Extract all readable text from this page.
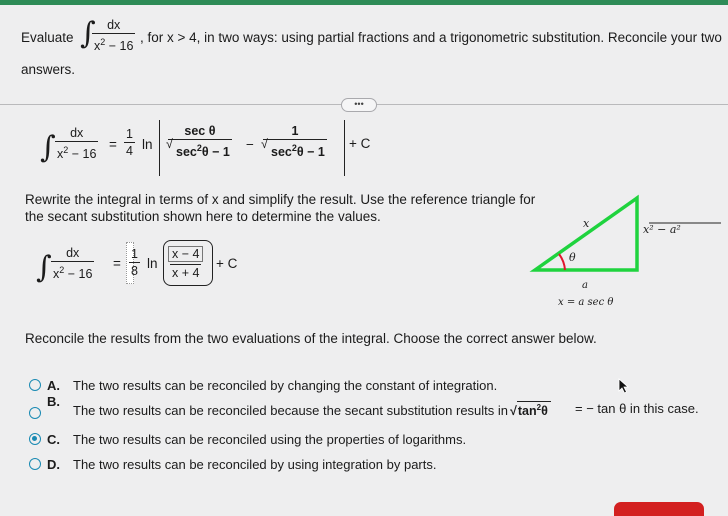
Evaluate ∫
$\frac{dx}{x^2 - 16}$ , for x > 4, in two ways: using partial fractions and a trigonometric substitution. Reconcile your two
answers.
•••
∫ $\frac{dx}{x^2 - 16} = \frac{1}{4}$ ln
sec θ
√
$\sec^2\theta - 1$
−
1
√
$\sec^2\theta - 1$
+ C
Rewrite the integral in terms of x and simplify the result. Use the reference triangle for
the secant substitution shown here to determine the values.
∫ $\frac{dx}{x^2 - 16} = \frac{1}{8}$ $\ln \frac{x - 4}{x + 4} + C$
x
θ
a
x² − a²
x = a sec θ
Reconcile the results from the two evaluations of the integral. Choose the correct answer below.
A. The two results can be reconciled by changing the constant of integration.
B.
The two results can be reconciled because the secant substitution results in $√\tan^2\theta$ = − tan θ in this case.
C. The two results can be reconciled using the properties of logarithms.
D. The two results can be reconciled by using integration by parts.
